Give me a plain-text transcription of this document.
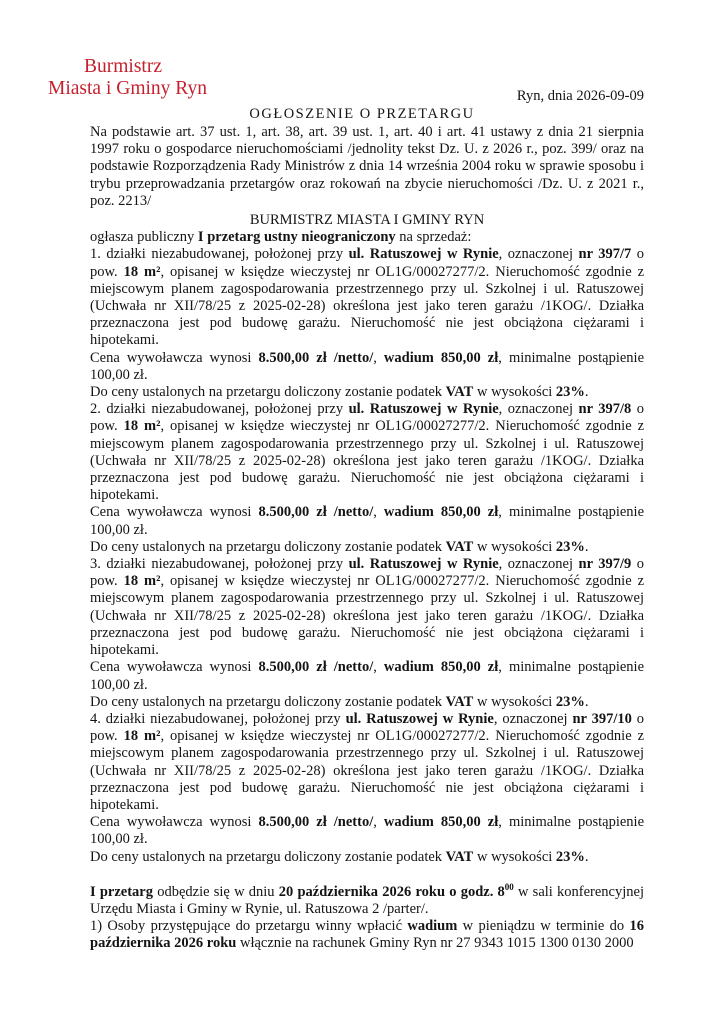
Burmistrz
Miasta i Gminy Ryn	Ryn, dnia 2026-09-09
OGŁOSZENIE O PRZETARGU

Na podstawie art. 37 ust. 1, art. 38, art. 39 ust. 1, art. 40 i art. 41 ustawy z dnia 21 sierpnia 1997 roku o gospodarce nieruchomościami /jednolity tekst Dz. U. z 2026 r., poz. 399/ oraz na podstawie Rozporządzenia Rady Ministrów z dnia 14 września 2004 roku w sprawie sposobu i trybu przeprowadzania przetargów oraz rokowań na zbycie nieruchomości /Dz. U. z 2021 r., poz. 2213/

BURMISTRZ MIASTA I GMINY RYN

ogłasza publiczny I przetarg ustny nieograniczony na sprzedaż:

1. działki niezabudowanej, położonej przy ul. Ratuszowej w Rynie, oznaczonej nr 397/7 o pow. 18 m², opisanej w księdze wieczystej nr OL1G/00027277/2. Nieruchomość zgodnie z miejscowym planem zagospodarowania przestrzennego przy ul. Szkolnej i ul. Ratuszowej (Uchwała nr XII/78/25 z 2025-02-28) określona jest jako teren garażu /1KOG/. Działka przeznaczona jest pod budowę garażu. Nieruchomość nie jest obciążona ciężarami i hipotekami.

Cena wywoławcza wynosi 8.500,00 zł /netto/, wadium 850,00 zł, minimalne postąpienie 100,00 zł.

Do ceny ustalonych na przetargu doliczony zostanie podatek VAT w wysokości 23%.

2. działki niezabudowanej, położonej przy ul. Ratuszowej w Rynie, oznaczonej nr 397/8 o pow. 18 m², opisanej w księdze wieczystej nr OL1G/00027277/2. Nieruchomość zgodnie z miejscowym planem zagospodarowania przestrzennego przy ul. Szkolnej i ul. Ratuszowej (Uchwała nr XII/78/25 z 2025-02-28) określona jest jako teren garażu /1KOG/. Działka przeznaczona jest pod budowę garażu. Nieruchomość nie jest obciążona ciężarami i hipotekami.

Cena wywoławcza wynosi 8.500,00 zł /netto/, wadium 850,00 zł, minimalne postąpienie 100,00 zł.

Do ceny ustalonych na przetargu doliczony zostanie podatek VAT w wysokości 23%.

3. działki niezabudowanej, położonej przy ul. Ratuszowej w Rynie, oznaczonej nr 397/9 o pow. 18 m², opisanej w księdze wieczystej nr OL1G/00027277/2. Nieruchomość zgodnie z miejscowym planem zagospodarowania przestrzennego przy ul. Szkolnej i ul. Ratuszowej (Uchwała nr XII/78/25 z 2025-02-28) określona jest jako teren garażu /1KOG/. Działka przeznaczona jest pod budowę garażu. Nieruchomość nie jest obciążona ciężarami i hipotekami.

Cena wywoławcza wynosi 8.500,00 zł /netto/, wadium 850,00 zł, minimalne postąpienie 100,00 zł.

Do ceny ustalonych na przetargu doliczony zostanie podatek VAT w wysokości 23%.

4. działki niezabudowanej, położonej przy ul. Ratuszowej w Rynie, oznaczonej nr 397/10 o pow. 18 m², opisanej w księdze wieczystej nr OL1G/00027277/2. Nieruchomość zgodnie z miejscowym planem zagospodarowania przestrzennego przy ul. Szkolnej i ul. Ratuszowej (Uchwała nr XII/78/25 z 2025-02-28) określona jest jako teren garażu /1KOG/. Działka przeznaczona jest pod budowę garażu. Nieruchomość nie jest obciążona ciężarami i hipotekami.

Cena wywoławcza wynosi 8.500,00 zł /netto/, wadium 850,00 zł, minimalne postąpienie 100,00 zł.

Do ceny ustalonych na przetargu doliczony zostanie podatek VAT w wysokości 23%.

I przetarg odbędzie się w dniu 20 października 2026 roku o godz. $8^{00}$ w sali konferencyjnej Urzędu Miasta i Gminy w Rynie, ul. Ratuszowa 2 /parter/.

1) Osoby przystępujące do przetargu winny wpłacić wadium w pieniądzu w terminie do 16 października 2026 roku włącznie na rachunek Gminy Ryn nr 27 9343 1015 1300 0130 2000
